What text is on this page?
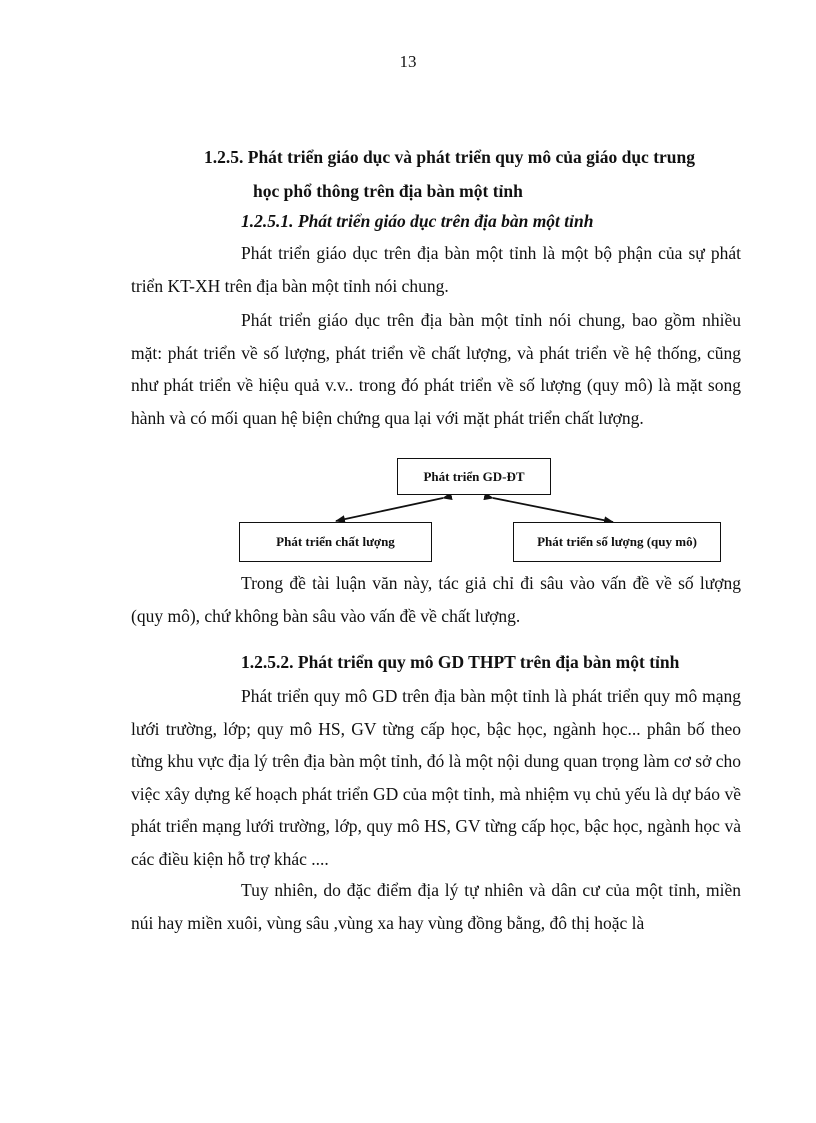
13
1.2.5. Phát triển giáo dục và phát triển quy mô của giáo dục trung
học phổ thông trên địa bàn một tỉnh
1.2.5.1. Phát triển giáo dục trên địa bàn một tỉnh

Phát triển giáo dục trên địa bàn một tỉnh là một bộ phận của sự phát triển KT-XH trên địa bàn một tỉnh nói chung.

Phát triển giáo dục trên địa bàn một tỉnh nói chung, bao gồm nhiều mặt: phát triển về số lượng, phát triển về chất lượng, và phát triển về hệ thống, cũng như phát triển về hiệu quả v.v.. trong đó phát triển về số lượng (quy mô) là mặt song hành và có mối quan hệ biện chứng qua lại với mặt phát triển chất lượng.

Phát triển GD-ĐT
Phát triển chất lượng	Phát triển số lượng (quy mô)

Trong đề tài luận văn này, tác giả chỉ đi sâu vào vấn đề về số lượng (quy mô), chứ không bàn sâu vào vấn đề về chất lượng.

1.2.5.2. Phát triển quy mô GD THPT trên địa bàn một tỉnh

Phát triển quy mô GD trên địa bàn một tỉnh là phát triển quy mô mạng lưới trường, lớp; quy mô HS, GV từng cấp học, bậc học, ngành học... phân bố theo từng khu vực địa lý trên địa bàn một tỉnh, đó là một nội dung quan trọng làm cơ sở cho việc xây dựng kế hoạch phát triển GD của một tỉnh, mà nhiệm vụ chủ yếu là dự báo về phát triển mạng lưới trường, lớp, quy mô HS, GV từng cấp học, bậc học, ngành học và các điều kiện hỗ trợ khác ....

Tuy nhiên, do đặc điểm địa lý tự nhiên và dân cư của một tỉnh, miền núi hay miền xuôi, vùng sâu ,vùng xa hay vùng đồng bằng, đô thị hoặc là
